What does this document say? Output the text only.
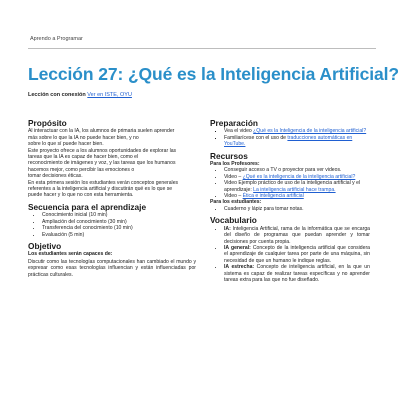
Aprendo a Programar
Lección 27: ¿Qué es la Inteligencia Artificial?
Lección con conexión Ver en ISTE, OYU
Propósito

Al interactuar con la IA, los alumnos de primaria suelen aprender

más sobre lo que la IA no puede hacer bien, y no

sobre lo que sí puede hacer bien.

Este proyecto ofrece a los alumnos oportunidades de explorar las

tareas que la IA es capaz de hacer bien, como el

reconocimiento de imágenes y voz, y las tareas que los humanos

hacemos mejor, como percibir las emociones o

tomar decisiones éticas.

En esta primera sesión los estudiantes verán conceptos generales

referentes a la inteligencia artificial y discutirán qué es lo que se

puede hacer y lo que no con esta herramienta.

Secuencia para el aprendizaje
• Conocimiento inicial (10 min)
• Ampliación del conocimiento (30 min)
• Transferencia del conocimiento (10 min)
• Evaluación (5 min)
Objetivo

Los estudiantes serán capaces de:

Discutir como las tecnologías computacionales han cambiado el mundo y expresar como esas tecnologías influencian y están influenciadas por prácticas culturales.

Preparación
▪ Vea el video ¿Qué es la Inteligencia de la inteligencia artificial?
▪ Familiarícese con el uso de traducciones automáticas en YouTube.
Recursos

Para los Profesores:

• Conseguir acceso a TV o proyector para ver videos.
• Video – ¿Qué es la inteligencia de la inteligencia artificial?
• Video Ejemplo práctico de uso de la inteligencia artificial y el aprendizaje: La inteligencia artificial hace trampa.
• Video – Ética e inteligencia artificial

Para los estudiantes:

• Cuaderno y lápiz para tomar notas.
Vocabulario
• IA: Inteligencia Artificial, rama de la informática que se encarga del diseño de programas que puedan aprender y tomar decisiones por cuenta propia.
• IA general: Concepto de la inteligencia artificial que considera el aprendizaje de cualquier tarea por parte de una máquina, sin necesidad de que un humano le indique reglas.
• IA estrecha: Concepto de inteligencia artificial, en la que un sistema es capaz de realizar tareas específicas y no aprender tareas extra para las que no fue diseñado.
